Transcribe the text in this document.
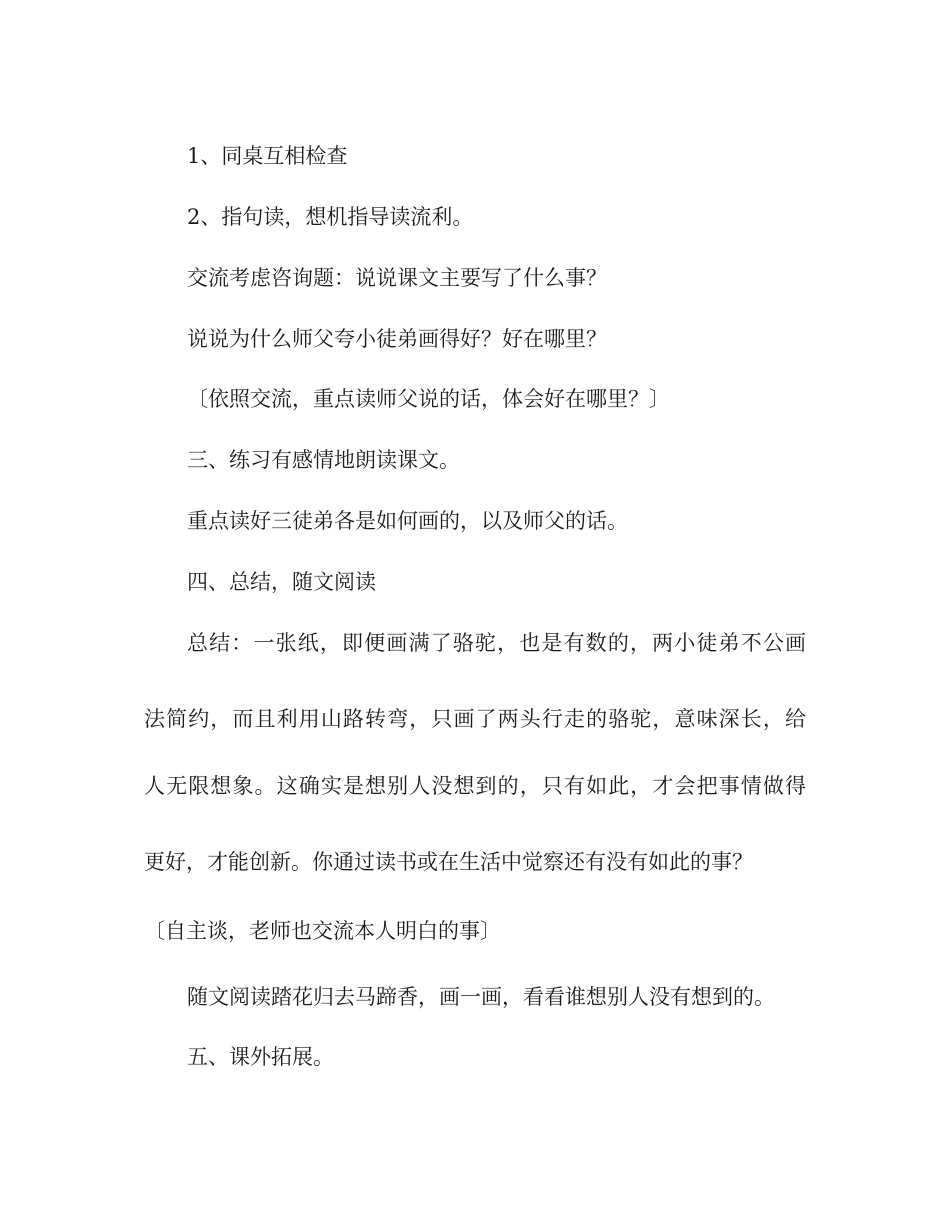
1、同桌互相检查

2、指句读，想机指导读流利。

交流考虑咨询题：说说课文主要写了什么事？

说说为什么师父夸小徒弟画得好？好在哪里？

〔依照交流，重点读师父说的话，体会好在哪里？〕

三、练习有感情地朗读课文。

重点读好三徒弟各是如何画的，以及师父的话。

四、总结，随文阅读

总结：一张纸，即便画满了骆驼，也是有数的，两小徒弟不公画

法简约，而且利用山路转弯，只画了两头行走的骆驼，意味深长，给

人无限想象。这确实是想别人没想到的，只有如此，才会把事情做得

更好，才能创新。你通过读书或在生活中觉察还有没有如此的事？

〔自主谈，老师也交流本人明白的事〕

随文阅读踏花归去马蹄香，画一画，看看谁想别人没有想到的。

五、课外拓展。
